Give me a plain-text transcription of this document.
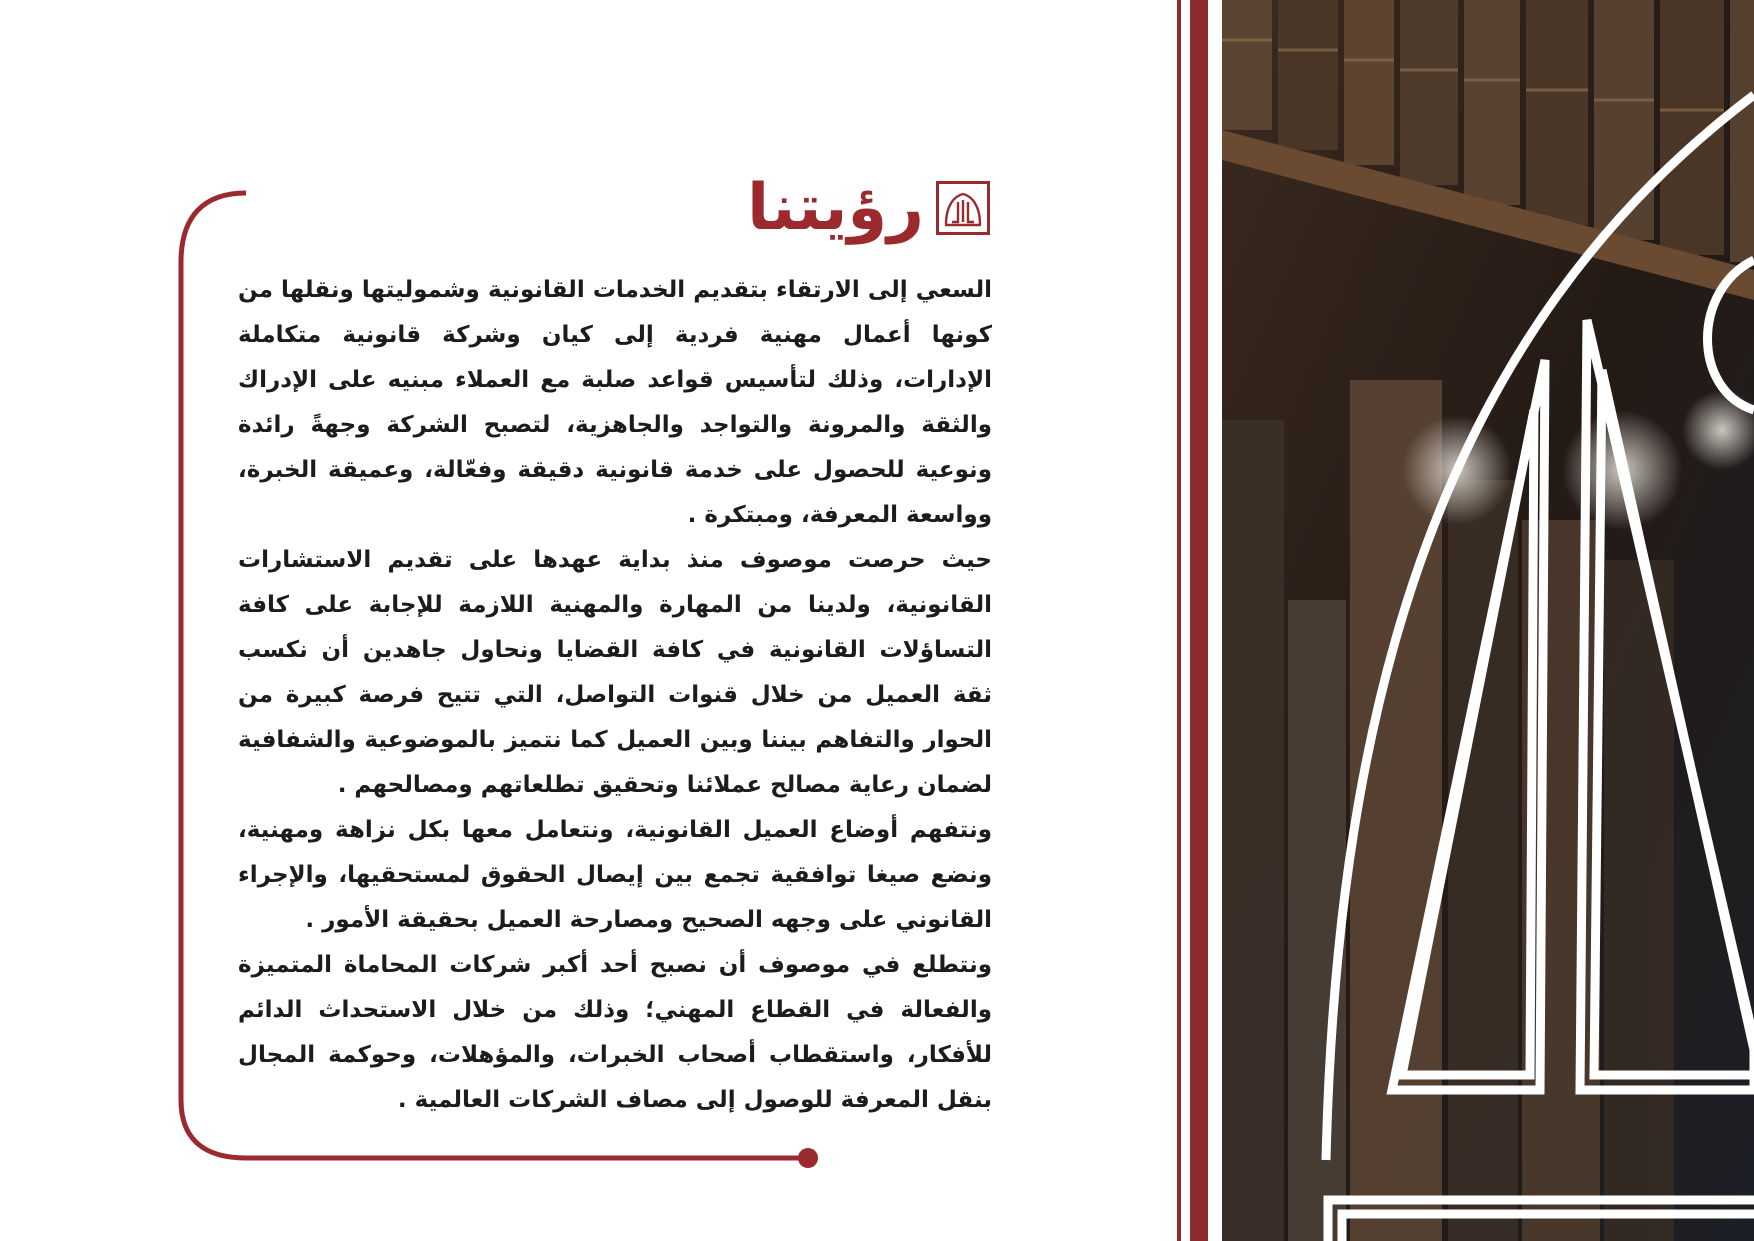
رؤيتنا

السعي إلى الارتقاء بتقديم الخدمات القانونية وشموليتها ونقلها من كونها أعمال مهنية فردية إلى كيان وشركة قانونية متكاملة الإدارات، وذلك لتأسيس قواعد صلبة مع العملاء مبنيه على الإدراك والثقة والمرونة والتواجد والجاهزية، لتصبح الشركة وجهةً رائدة ونوعية للحصول على خدمة قانونية دقيقة وفعّالة، وعميقة الخبرة، وواسعة المعرفة، ومبتكرة .

حيث حرصت موصوف منذ بداية عهدها على تقديم الاستشارات القانونية، ولدينا من المهارة والمهنية اللازمة للإجابة على كافة التساؤلات القانونية في كافة القضايا ونحاول جاهدين أن نكسب ثقة العميل من خلال قنوات التواصل، التي تتيح فرصة كبيرة من الحوار والتفاهم بيننا وبين العميل كما نتميز بالموضوعية والشفافية لضمان رعاية مصالح عملائنا وتحقيق تطلعاتهم ومصالحهم .

ونتفهم أوضاع العميل القانونية، ونتعامل معها بكل نزاهة ومهنية، ونضع صيغا توافقية تجمع بين إيصال الحقوق لمستحقيها، والإجراء القانوني على وجهه الصحيح ومصارحة العميل بحقيقة الأمور .

ونتطلع في موصوف أن نصبح أحد أكبر شركات المحاماة المتميزة والفعالة في القطاع المهني؛ وذلك من خلال الاستحداث الدائم للأفكار، واستقطاب أصحاب الخبرات، والمؤهلات، وحوكمة المجال بنقل المعرفة للوصول إلى مصاف الشركات العالمية .
